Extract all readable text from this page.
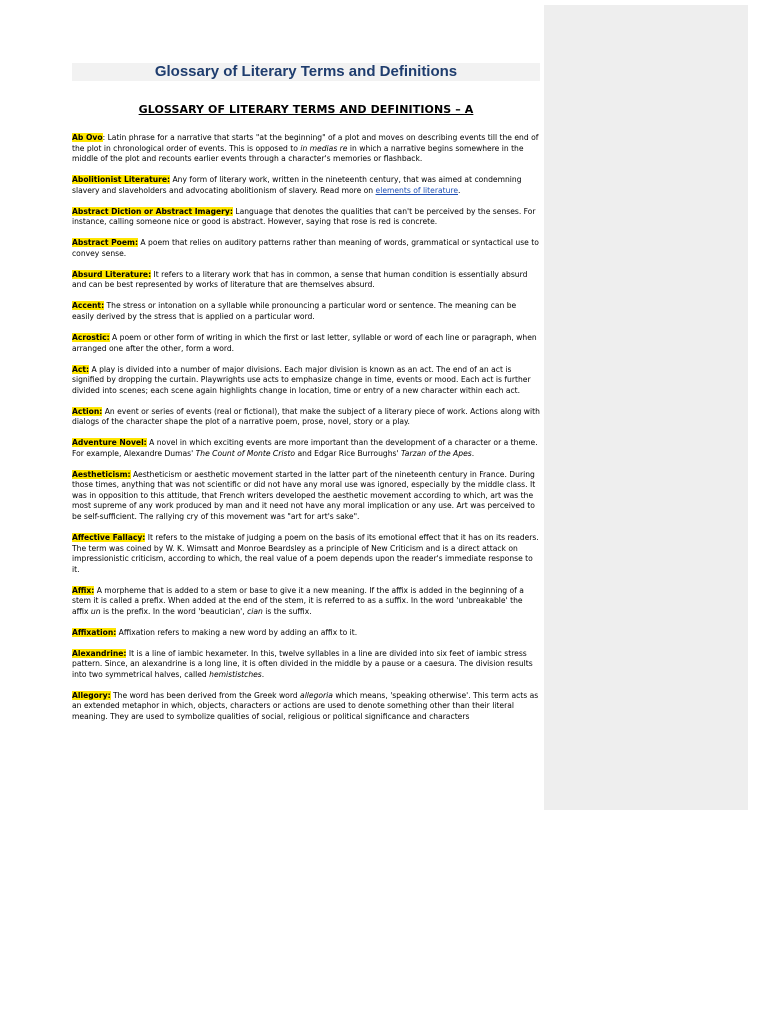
Glossary of Literary Terms and Definitions
GLOSSARY OF LITERARY TERMS AND DEFINITIONS – A

Ab Ovo: Latin phrase for a narrative that starts "at the beginning" of a plot and moves on describing events till the end of the plot in chronological order of events. This is opposed to in medias re in which a narrative begins somewhere in the middle of the plot and recounts earlier events through a character's memories or flashback.

Abolitionist Literature: Any form of literary work, written in the nineteenth century, that was aimed at condemning slavery and slaveholders and advocating abolitionism of slavery. Read more on elements of literature.

Abstract Diction or Abstract Imagery: Language that denotes the qualities that can't be perceived by the senses. For instance, calling someone nice or good is abstract. However, saying that rose is red is concrete.

Abstract Poem: A poem that relies on auditory patterns rather than meaning of words, grammatical or syntactical use to convey sense.

Absurd Literature: It refers to a literary work that has in common, a sense that human condition is essentially absurd and can be best represented by works of literature that are themselves absurd.

Accent: The stress or intonation on a syllable while pronouncing a particular word or sentence. The meaning can be easily derived by the stress that is applied on a particular word.

Acrostic: A poem or other form of writing in which the first or last letter, syllable or word of each line or paragraph, when arranged one after the other, form a word.

Act: A play is divided into a number of major divisions. Each major division is known as an act. The end of an act is signified by dropping the curtain. Playwrights use acts to emphasize change in time, events or mood. Each act is further divided into scenes; each scene again highlights change in location, time or entry of a new character within each act.

Action: An event or series of events (real or fictional), that make the subject of a literary piece of work. Actions along with dialogs of the character shape the plot of a narrative poem, prose, novel, story or a play.

Adventure Novel: A novel in which exciting events are more important than the development of a character or a theme. For example, Alexandre Dumas' The Count of Monte Cristo and Edgar Rice Burroughs' Tarzan of the Apes.

Aestheticism: Aestheticism or aesthetic movement started in the latter part of the nineteenth century in France. During those times, anything that was not scientific or did not have any moral use was ignored, especially by the middle class. It was in opposition to this attitude, that French writers developed the aesthetic movement according to which, art was the most supreme of any work produced by man and it need not have any moral implication or any use. Art was perceived to be self-sufficient. The rallying cry of this movement was "art for art's sake".

Affective Fallacy: It refers to the mistake of judging a poem on the basis of its emotional effect that it has on its readers. The term was coined by W. K. Wimsatt and Monroe Beardsley as a principle of New Criticism and is a direct attack on impressionistic criticism, according to which, the real value of a poem depends upon the reader's immediate response to it.

Affix: A morpheme that is added to a stem or base to give it a new meaning. If the affix is added in the beginning of a stem it is called a prefix. When added at the end of the stem, it is referred to as a suffix. In the word 'unbreakable' the affix un is the prefix. In the word 'beautician', cian is the suffix.

Affixation: Affixation refers to making a new word by adding an affix to it.

Alexandrine: It is a line of iambic hexameter. In this, twelve syllables in a line are divided into six feet of iambic stress pattern. Since, an alexandrine is a long line, it is often divided in the middle by a pause or a caesura. The division results into two symmetrical halves, called hemististches.

Allegory: The word has been derived from the Greek word allegoria which means, 'speaking otherwise'. This term acts as an extended metaphor in which, objects, characters or actions are used to denote something other than their literal meaning. They are used to symbolize qualities of social, religious or political significance and characters
